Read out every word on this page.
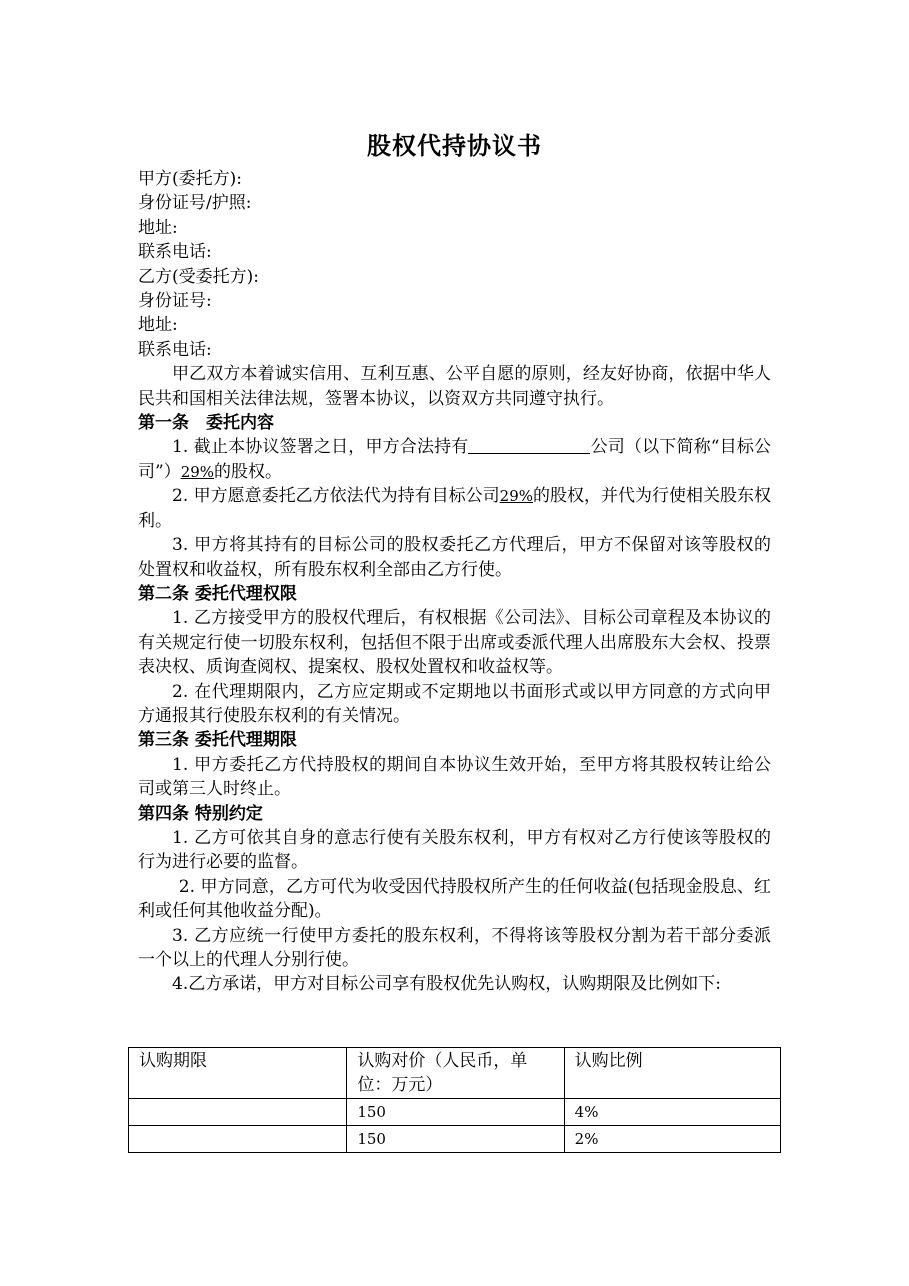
股权代持协议书

甲方(委托方):

身份证号/护照:

地址:

联系电话:

乙方(受委托方):

身份证号:

地址:

联系电话:

甲乙双方本着诚实信用、互利互惠、公平自愿的原则，经友好协商，依据中华人民共和国相关法律法规，签署本协议，以资双方共同遵守执行。

第一条　委托内容

1. 截止本协议签署之日，甲方合法持有	公司（以下简称“目标公司”）29%的股权。

2. 甲方愿意委托乙方依法代为持有目标公司29%的股权，并代为行使相关股东权利。

3. 甲方将其持有的目标公司的股权委托乙方代理后，甲方不保留对该等股权的处置权和收益权，所有股东权利全部由乙方行使。

第二条 委托代理权限

1. 乙方接受甲方的股权代理后，有权根据《公司法》、目标公司章程及本协议的有关规定行使一切股东权利，包括但不限于出席或委派代理人出席股东大会权、投票表决权、质询查阅权、提案权、股权处置权和收益权等。

2. 在代理期限内，乙方应定期或不定期地以书面形式或以甲方同意的方式向甲方通报其行使股东权利的有关情况。

第三条 委托代理期限

1. 甲方委托乙方代持股权的期间自本协议生效开始，至甲方将其股权转让给公司或第三人时终止。

第四条 特别约定

1. 乙方可依其自身的意志行使有关股东权利，甲方有权对乙方行使该等股权的行为进行必要的监督。

2. 甲方同意，乙方可代为收受因代持股权所产生的任何收益(包括现金股息、红利或任何其他收益分配)。

3. 乙方应统一行使甲方委托的股东权利，不得将该等股权分割为若干部分委派一个以上的代理人分别行使。

4.乙方承诺，甲方对目标公司享有股权优先认购权，认购期限及比例如下:

认购期限	认购对价（人民币，单位：万元）	认购比例
	150	4%
	150	2%
